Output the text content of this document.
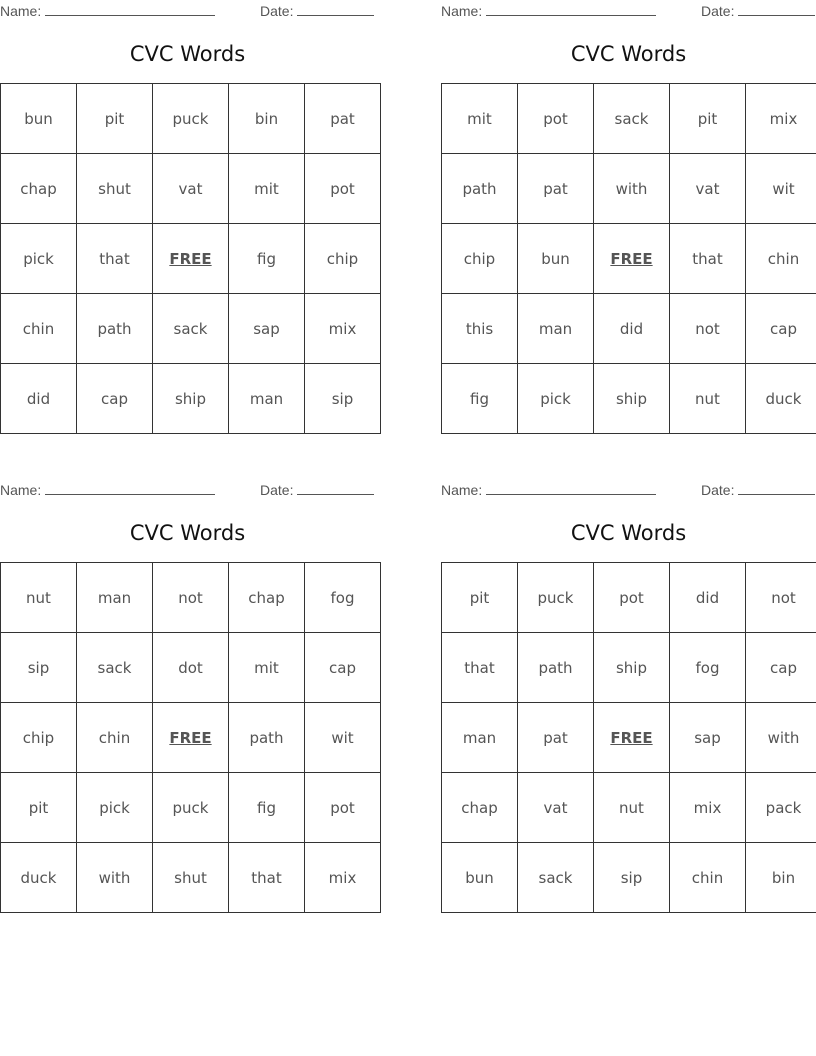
Name:	Date:
CVC Words
bun	pit	puck	bin	pat
chap	shut	vat	mit	pot
pick	that	FREE	fig	chip
chin	path	sack	sap	mix
did	cap	ship	man	sip
Name:	Date:
CVC Words
mit	pot	sack	pit	mix
path	pat	with	vat	wit
chip	bun	FREE	that	chin
this	man	did	not	cap
fig	pick	ship	nut	duck
Name:	Date:
CVC Words
nut	man	not	chap	fog
sip	sack	dot	mit	cap
chip	chin	FREE	path	wit
pit	pick	puck	fig	pot
duck	with	shut	that	mix
Name:	Date:
CVC Words
pit	puck	pot	did	not
that	path	ship	fog	cap
man	pat	FREE	sap	with
chap	vat	nut	mix	pack
bun	sack	sip	chin	bin
